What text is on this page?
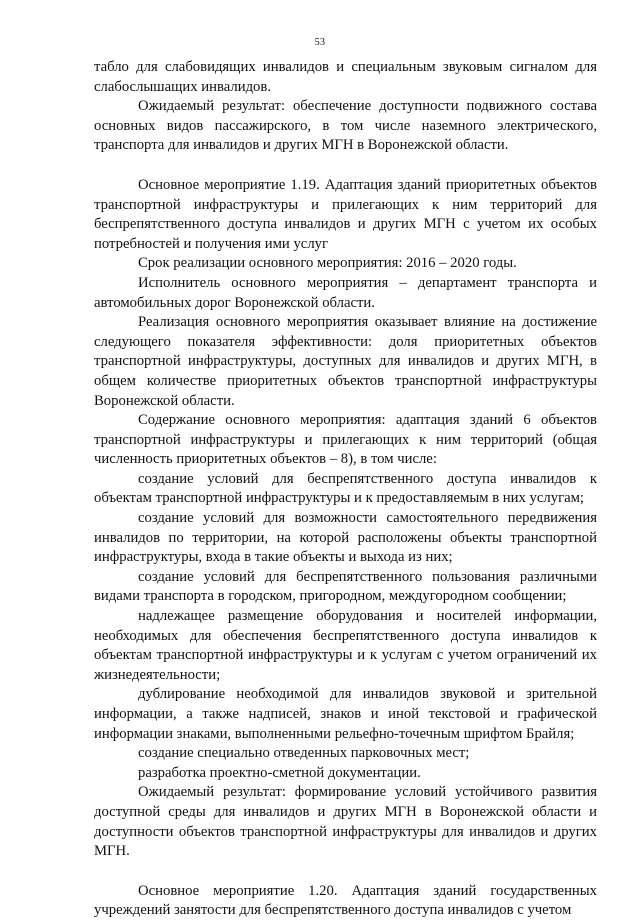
53

табло для слабовидящих инвалидов и специальным звуковым сигналом для слабослышащих инвалидов.

Ожидаемый результат: обеспечение доступности подвижного состава основных видов пассажирского, в том числе наземного электрического, транспорта для инвалидов и других МГН в Воронежской области.

Основное мероприятие 1.19. Адаптация зданий приоритетных объектов транспортной инфраструктуры и прилегающих к ним территорий для беспрепятственного доступа инвалидов и других МГН с учетом их особых потребностей и получения ими услуг

Срок реализации основного мероприятия: 2016 – 2020 годы.

Исполнитель основного мероприятия – департамент транспорта и автомобильных дорог Воронежской области.

Реализация основного мероприятия оказывает влияние на достижение следующего показателя эффективности: доля приоритетных объектов транспортной инфраструктуры, доступных для инвалидов и других МГН, в общем количестве приоритетных объектов транспортной инфраструктуры Воронежской области.

Содержание основного мероприятия: адаптация зданий 6 объектов транспортной инфраструктуры и прилегающих к ним территорий (общая численность приоритетных объектов – 8), в том числе:

создание условий для беспрепятственного доступа инвалидов к объектам транспортной инфраструктуры и к предоставляемым в них услугам;

создание условий для возможности самостоятельного передвижения инвалидов по территории, на которой расположены объекты транспортной инфраструктуры, входа в такие объекты и выхода из них;

создание условий для беспрепятственного пользования различными видами транспорта в городском, пригородном, междугородном сообщении;

надлежащее размещение оборудования и носителей информации, необходимых для обеспечения беспрепятственного доступа инвалидов к объектам транспортной инфраструктуры и к услугам с учетом ограничений их жизнедеятельности;

дублирование необходимой для инвалидов звуковой и зрительной информации, а также надписей, знаков и иной текстовой и графической информации знаками, выполненными рельефно-точечным шрифтом Брайля;

создание специально отведенных парковочных мест;

разработка проектно-сметной документации.

Ожидаемый результат: формирование условий устойчивого развития доступной среды для инвалидов и других МГН в Воронежской области и доступности объектов транспортной инфраструктуры для инвалидов и других МГН.

Основное мероприятие 1.20. Адаптация зданий государственных учреждений занятости для беспрепятственного доступа инвалидов с учетом
